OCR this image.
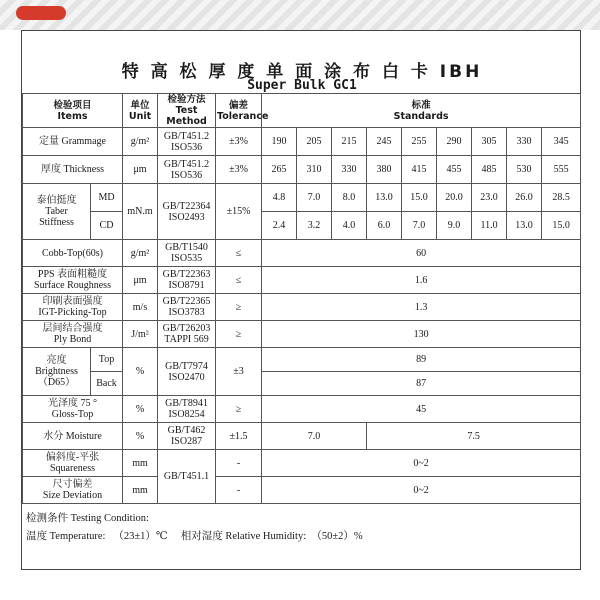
特 高 松 厚 度 单 面 涂 布 白 卡 IBH
Super Bulk GC1
检验项目
Items		单位
Unit	检验方法
Test Method	偏差
Tolerance	标准
Standards								

定量 Grammage		g/m²	GB/T451.2
ISO536	±3%	190	205	215	245	255	290	305	330	345
厚度 Thickness		μm	GB/T451.2
ISO536	±3%	265	310	330	380	415	455	485	530	555

泰伯挺度
Taber
Stiffness	MD	mN.m	GB/T22364
ISO2493	±15%	4.8	7.0	8.0	13.0	15.0	20.0	23.0	26.0	28.5
	CD				2.4	3.2	4.0	6.0	7.0	9.0	11.0	13.0	15.0
Cobb-Top(60s)		g/m²	GB/T1540
ISO535	≤	60								

PPS 表面粗糙度
Surface Roughness		μm	GB/T22363
ISO8791	≤	1.6								

印刷表面强度
IGT-Picking-Top		m/s	GB/T22365
ISO3783	≥	1.3								

层间结合强度
Ply Bond		J/m²	GB/T26203
TAPPI 569	≥	130								

亮度
Brightness
（D65）	Top	%	GB/T7974
ISO2470	±3	89								
	Back				87								

光泽度 75 °
Gloss-Top		%	GB/T8941
ISO8254	≥	45								
水分 Moisture		%	GB/T462
ISO287	±1.5	7.0			7.5					

偏斜度-平张
Squareness		mm	GB/T451.1	-	0~2								

尺寸偏差
Size Deviation		mm		-	0~2								
检测条件 Testing Condition:
温度 Temperature:   （23±1）℃     相对湿度 Relative Humidity:  （50±2）%
